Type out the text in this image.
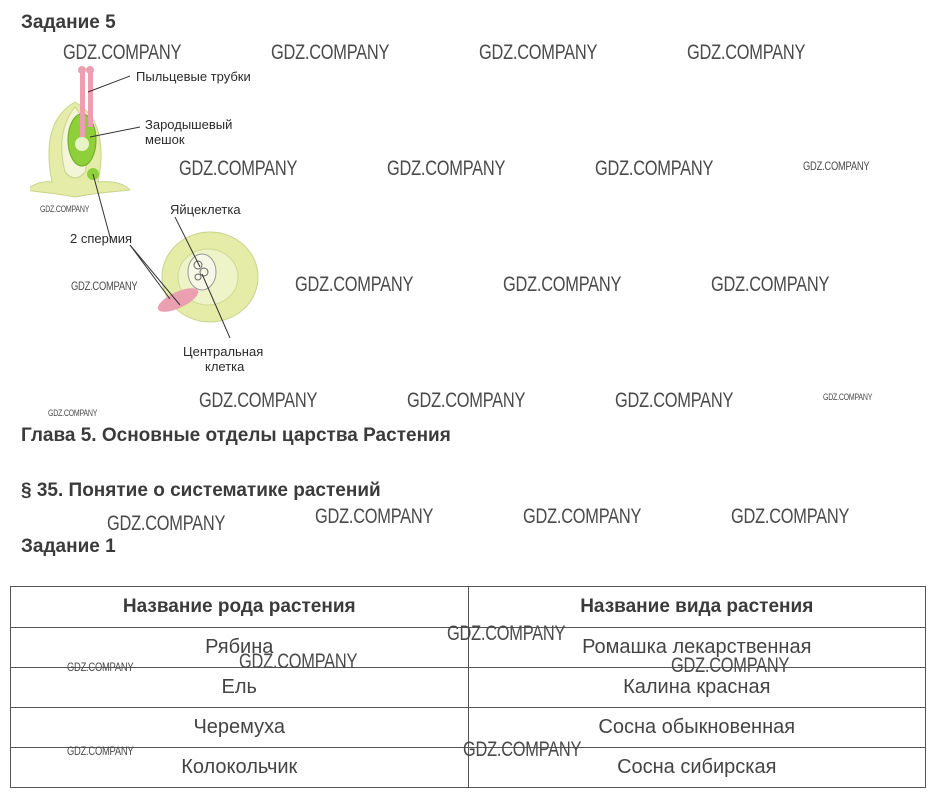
Задание 5
Пыльцевые трубки
Зародышевый
мешок
Яйцеклетка
2 спермия
Центральная
клетка
Глава 5. Основные отделы царства Растения
§ 35. Понятие о систематике растений
Задание 1
Название рода растения	Название вида растения
Рябина	Ромашка лекарственная
Ель	Калина красная
Черемуха	Сосна обыкновенная
Колокольчик	Сосна сибирская
GDZ.COMPANY	GDZ.COMPANY	GDZ.COMPANY	GDZ.COMPANY
GDZ.COMPANY	GDZ.COMPANY	GDZ.COMPANY	GDZ.COMPANY
GDZ.COMPANY
GDZ.COMPANY	GDZ.COMPANY	GDZ.COMPANY	GDZ.COMPANY
GDZ.COMPANY
GDZ.COMPANY	GDZ.COMPANY	GDZ.COMPANY	GDZ.COMPANY
GDZ.COMPANY	GDZ.COMPANY	GDZ.COMPANY	GDZ.COMPANY
GDZ.COMPANY
GDZ.COMPANY	GDZ.COMPANY	GDZ.COMPANY
GDZ.COMPANY	GDZ.COMPANY
